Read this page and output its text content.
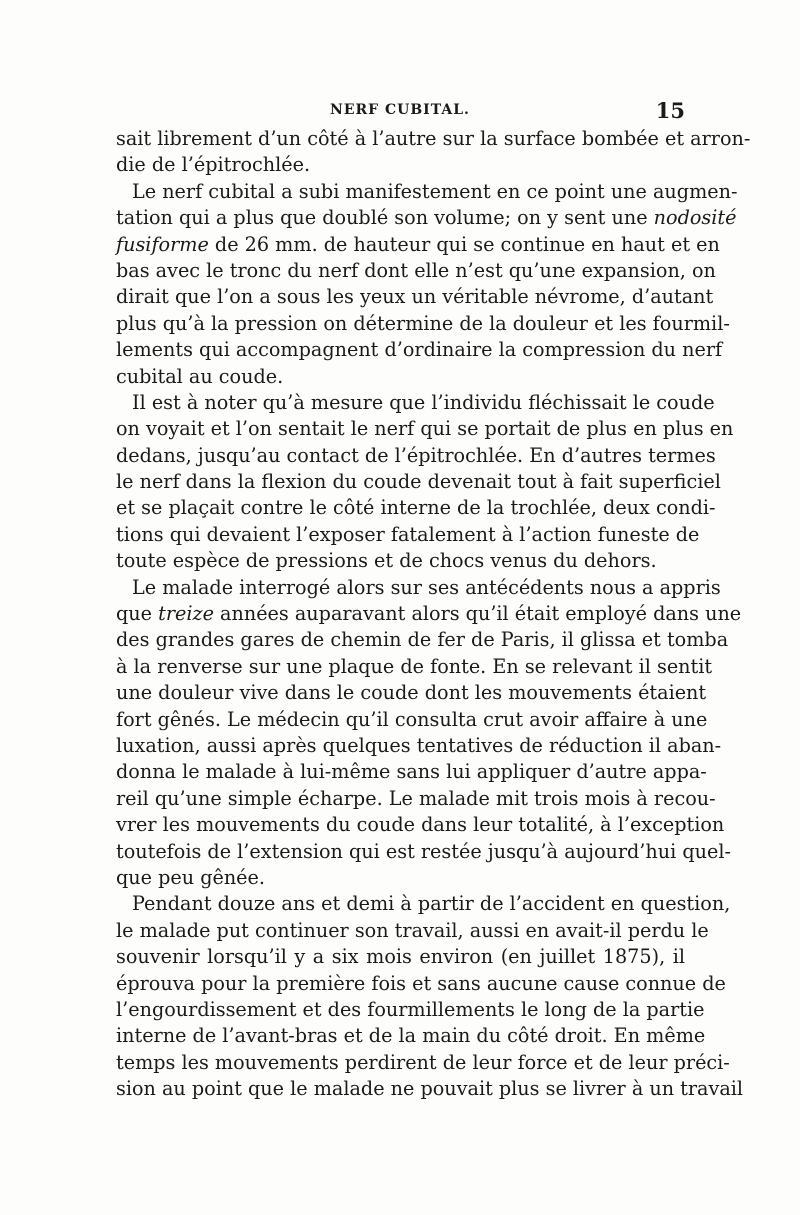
NERF CUBITAL.	15
sait librement d’un côté à l’autre sur la surface bombée et arron-
die de l’épitrochlée.
Le nerf cubital a subi manifestement en ce point une augmen-
tation qui a plus que doublé son volume; on y sent une nodosité
fusiforme de 26 mm. de hauteur qui se continue en haut et en
bas avec le tronc du nerf dont elle n’est qu’une expansion, on
dirait que l’on a sous les yeux un véritable névrome, d’autant
plus qu’à la pression on détermine de la douleur et les fourmil-
lements qui accompagnent d’ordinaire la compression du nerf
cubital au coude.
Il est à noter qu’à mesure que l’individu fléchissait le coude
on voyait et l’on sentait le nerf qui se portait de plus en plus en
dedans, jusqu’au contact de l’épitrochlée. En d’autres termes
le nerf dans la flexion du coude devenait tout à fait superficiel
et se plaçait contre le côté interne de la trochlée, deux condi-
tions qui devaient l’exposer fatalement à l’action funeste de
toute espèce de pressions et de chocs venus du dehors.
Le malade interrogé alors sur ses antécédents nous a appris
que treize années auparavant alors qu’il était employé dans une
des grandes gares de chemin de fer de Paris, il glissa et tomba
à la renverse sur une plaque de fonte. En se relevant il sentit
une douleur vive dans le coude dont les mouvements étaient
fort gênés. Le médecin qu’il consulta crut avoir affaire à une
luxation, aussi après quelques tentatives de réduction il aban-
donna le malade à lui-même sans lui appliquer d’autre appa-
reil qu’une simple écharpe. Le malade mit trois mois à recou-
vrer les mouvements du coude dans leur totalité, à l’exception
toutefois de l’extension qui est restée jusqu’à aujourd’hui quel-
que peu gênée.
Pendant douze ans et demi à partir de l’accident en question,
le malade put continuer son travail, aussi en avait-il perdu le
souvenir lorsqu’il y a six mois environ (en juillet 1875), il
éprouva pour la première fois et sans aucune cause connue de
l’engourdissement et des fourmillements le long de la partie
interne de l’avant-bras et de la main du côté droit. En même
temps les mouvements perdirent de leur force et de leur préci-
sion au point que le malade ne pouvait plus se livrer à un travail
